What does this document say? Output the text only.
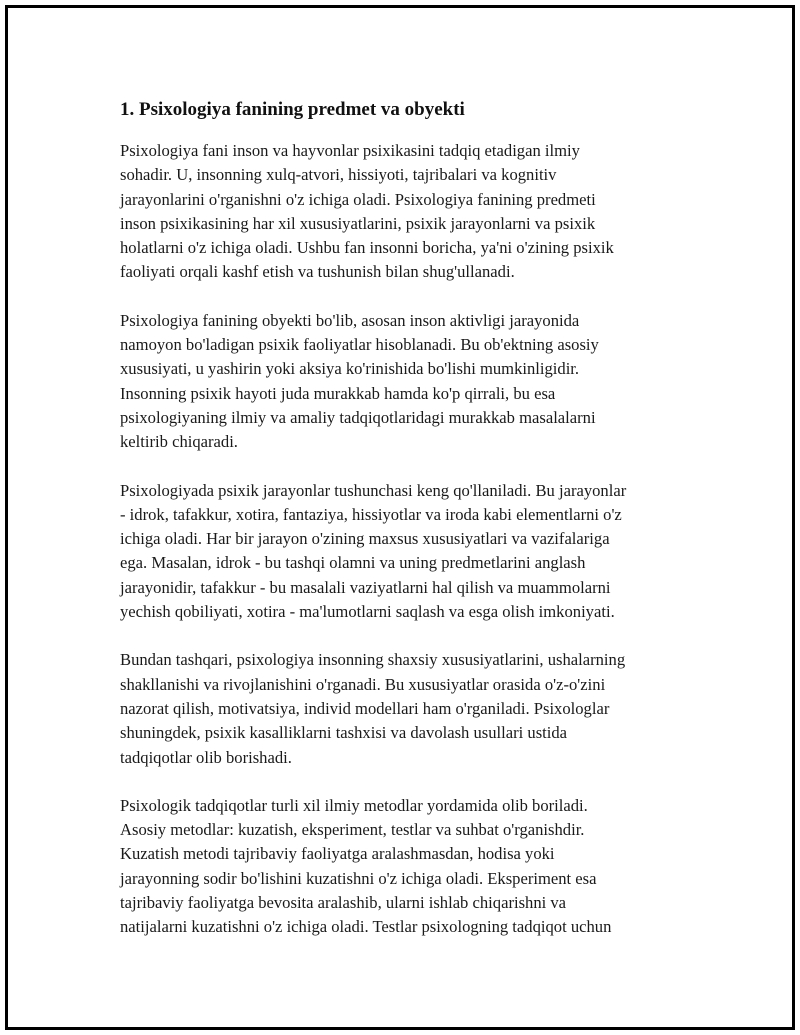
1. Psixologiya fanining predmet va obyekti

Psixologiya fani inson va hayvonlar psixikasini tadqiq etadigan ilmiy
sohadir. U, insonning xulq-atvori, hissiyoti, tajribalari va kognitiv
jarayonlarini o'rganishni o'z ichiga oladi. Psixologiya fanining predmeti
inson psixikasining har xil xususiyatlarini, psixik jarayonlarni va psixik
holatlarni o'z ichiga oladi. Ushbu fan insonni boricha, ya'ni o'zining psixik
faoliyati orqali kashf etish va tushunish bilan shug'ullanadi.

Psixologiya fanining obyekti bo'lib, asosan inson aktivligi jarayonida
namoyon bo'ladigan psixik faoliyatlar hisoblanadi. Bu ob'ektning asosiy
xususiyati, u yashirin yoki aksiya ko'rinishida bo'lishi mumkinligidir.
Insonning psixik hayoti juda murakkab hamda ko'p qirrali, bu esa
psixologiyaning ilmiy va amaliy tadqiqotlaridagi murakkab masalalarni
keltirib chiqaradi.

Psixologiyada psixik jarayonlar tushunchasi keng qo'llaniladi. Bu jarayonlar
- idrok, tafakkur, xotira, fantaziya, hissiyotlar va iroda kabi elementlarni o'z
ichiga oladi. Har bir jarayon o'zining maxsus xususiyatlari va vazifalariga
ega. Masalan, idrok - bu tashqi olamni va uning predmetlarini anglash
jarayonidir, tafakkur - bu masalali vaziyatlarni hal qilish va muammolarni
yechish qobiliyati, xotira - ma'lumotlarni saqlash va esga olish imkoniyati.

Bundan tashqari, psixologiya insonning shaxsiy xususiyatlarini, ushalarning
shakllanishi va rivojlanishini o'rganadi. Bu xususiyatlar orasida o'z-o'zini
nazorat qilish, motivatsiya, individ modellari ham o'rganiladi. Psixologlar
shuningdek, psixik kasalliklarni tashxisi va davolash usullari ustida
tadqiqotlar olib borishadi.

Psixologik tadqiqotlar turli xil ilmiy metodlar yordamida olib boriladi.
Asosiy metodlar: kuzatish, eksperiment, testlar va suhbat o'rganishdir.
Kuzatish metodi tajribaviy faoliyatga aralashmasdan, hodisa yoki
jarayonning sodir bo'lishini kuzatishni o'z ichiga oladi. Eksperiment esa
tajribaviy faoliyatga bevosita aralashib, ularni ishlab chiqarishni va
natijalarni kuzatishni o'z ichiga oladi. Testlar psixologning tadqiqot uchun
